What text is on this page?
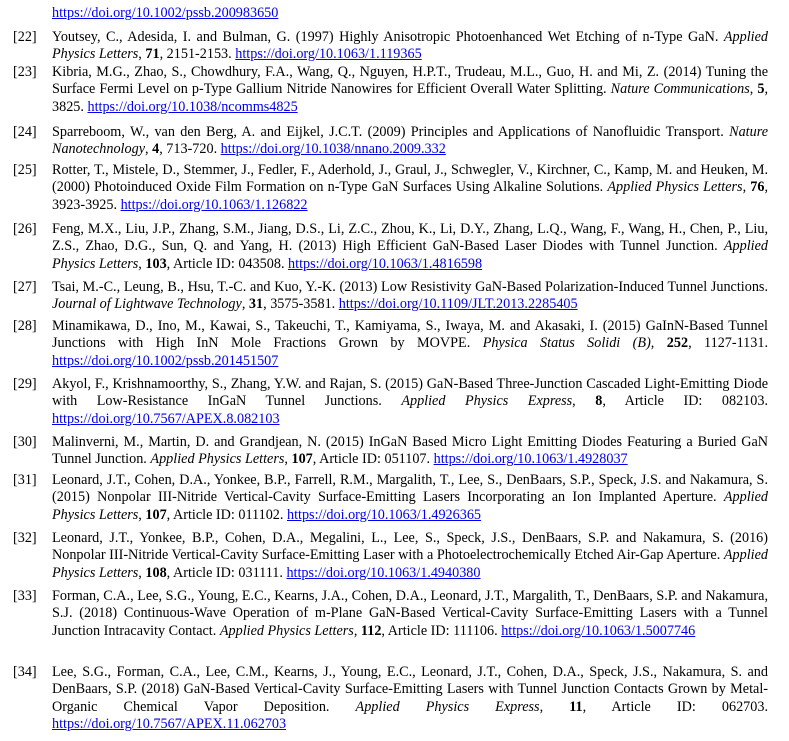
https://doi.org/10.1002/pssb.200983650
[22]	Youtsey, C., Adesida, I. and Bulman, G. (1997) Highly Anisotropic Photoenhanced Wet Etching of n-Type GaN. Applied Physics Letters, 71, 2151-2153. https://doi.org/10.1063/1.119365
[23]	Kibria, M.G., Zhao, S., Chowdhury, F.A., Wang, Q., Nguyen, H.P.T., Trudeau, M.L., Guo, H. and Mi, Z. (2014) Tuning the Surface Fermi Level on p-Type Gallium Nitride Nanowires for Efficient Overall Water Splitting. Nature Communications, 5, 3825. https://doi.org/10.1038/ncomms4825
[24]	Sparreboom, W., van den Berg, A. and Eijkel, J.C.T. (2009) Principles and Applications of Nanofluidic Transport. Nature Nanotechnology, 4, 713-720. https://doi.org/10.1038/nnano.2009.332
[25]	Rotter, T., Mistele, D., Stemmer, J., Fedler, F., Aderhold, J., Graul, J., Schwegler, V., Kirchner, C., Kamp, M. and Heuken, M. (2000) Photoinduced Oxide Film Formation on n-Type GaN Surfaces Using Alkaline Solutions. Applied Physics Letters, 76, 3923-3925. https://doi.org/10.1063/1.126822
[26]	Feng, M.X., Liu, J.P., Zhang, S.M., Jiang, D.S., Li, Z.C., Zhou, K., Li, D.Y., Zhang, L.Q., Wang, F., Wang, H., Chen, P., Liu, Z.S., Zhao, D.G., Sun, Q. and Yang, H. (2013) High Efficient GaN-Based Laser Diodes with Tunnel Junction. Applied Physics Letters, 103, Article ID: 043508. https://doi.org/10.1063/1.4816598
[27]	Tsai, M.-C., Leung, B., Hsu, T.-C. and Kuo, Y.-K. (2013) Low Resistivity GaN-Based Polarization-Induced Tunnel Junctions. Journal of Lightwave Technology, 31, 3575-3581. https://doi.org/10.1109/JLT.2013.2285405
[28]	Minamikawa, D., Ino, M., Kawai, S., Takeuchi, T., Kamiyama, S., Iwaya, M. and Akasaki, I. (2015) GaInN-Based Tunnel Junctions with High InN Mole Fractions Grown by MOVPE. Physica Status Solidi (B), 252, 1127-1131. https://doi.org/10.1002/pssb.201451507
[29]	Akyol, F., Krishnamoorthy, S., Zhang, Y.W. and Rajan, S. (2015) GaN-Based Three-Junction Cascaded Light-Emitting Diode with Low-Resistance InGaN Tunnel Junctions. Applied Physics Express, 8, Article ID: 082103. https://doi.org/10.7567/APEX.8.082103
[30]	Malinverni, M., Martin, D. and Grandjean, N. (2015) InGaN Based Micro Light Emitting Diodes Featuring a Buried GaN Tunnel Junction. Applied Physics Letters, 107, Article ID: 051107. https://doi.org/10.1063/1.4928037
[31]	Leonard, J.T., Cohen, D.A., Yonkee, B.P., Farrell, R.M., Margalith, T., Lee, S., DenBaars, S.P., Speck, J.S. and Nakamura, S. (2015) Nonpolar III-Nitride Vertical-Cavity Surface-Emitting Lasers Incorporating an Ion Implanted Aperture. Applied Physics Letters, 107, Article ID: 011102. https://doi.org/10.1063/1.4926365
[32]	Leonard, J.T., Yonkee, B.P., Cohen, D.A., Megalini, L., Lee, S., Speck, J.S., DenBaars, S.P. and Nakamura, S. (2016) Nonpolar III-Nitride Vertical-Cavity Surface-Emitting Laser with a Photoelectrochemically Etched Air-Gap Aperture. Applied Physics Letters, 108, Article ID: 031111. https://doi.org/10.1063/1.4940380
[33]	Forman, C.A., Lee, S.G., Young, E.C., Kearns, J.A., Cohen, D.A., Leonard, J.T., Margalith, T., DenBaars, S.P. and Nakamura, S.J. (2018) Continuous-Wave Operation of m-Plane GaN-Based Vertical-Cavity Surface-Emitting Lasers with a Tunnel Junction Intracavity Contact. Applied Physics Letters, 112, Article ID: 111106. https://doi.org/10.1063/1.5007746
[34]	Lee, S.G., Forman, C.A., Lee, C.M., Kearns, J., Young, E.C., Leonard, J.T., Cohen, D.A., Speck, J.S., Nakamura, S. and DenBaars, S.P. (2018) GaN-Based Vertical-Cavity Surface-Emitting Lasers with Tunnel Junction Contacts Grown by Metal-Organic Chemical Vapor Deposition. Applied Physics Express, 11, Article ID: 062703. https://doi.org/10.7567/APEX.11.062703
